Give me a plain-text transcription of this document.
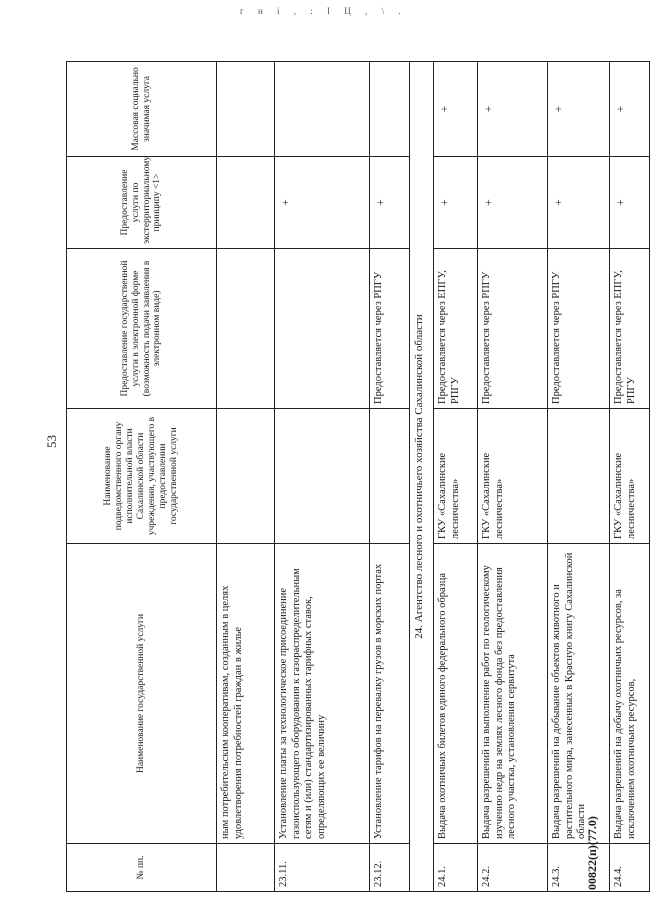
г н і , : І Ц , \ .
53
№ пп.	Наименование государственной услуги	Наименование подведомственного органу исполнительной власти Сахалинской области учреждения, участвующего в предоставлении государственной услуги	Предоставление государственной услуги в электронной форме (возможность подачи заявления в электронном виде)	Предоставление услуги по экстерриториальному принципу <1>	Массовая социально значимая услуга
	ным потребительским кооперативам, созданным в целях удовлетворения потребностей граждан в жилье				
23.11.	Установление платы за технологическое присоединение газоиспользующего оборудования к газораспределительным сетям и (или) стандартизированных тарифных ставок, определяющих ее величину			+	
23.12.	Установление тарифов на перевалку грузов в морских портах		Предоставляется через РПГУ	+	
24. Агентство лесного и охотничьего хозяйства Сахалинской области					
24.1.	Выдача охотничьих билетов единого федерального образца	ГКУ «Сахалинские лесничества»	Предоставляется через ЕПГУ, РПГУ	+	+
24.2.	Выдача разрешений на выполнение работ по геологическому изучению недр на землях лесного фонда без предоставления лесного участка, установления сервитута	ГКУ «Сахалинские лесничества»	Предоставляется через РПГУ	+	+
24.3.	Выдача разрешений на добывание объектов животного и растительного мира, занесенных в Красную книгу Сахалинской области		Предоставляется через РПГУ	+	+
24.4.	Выдача разрешений на добычу охотничьих ресурсов, за исключением охотничьих ресурсов,	ГКУ «Сахалинские лесничества»	Предоставляется через ЕПГУ, РПГУ	+	+
00822(п)(77.0)
